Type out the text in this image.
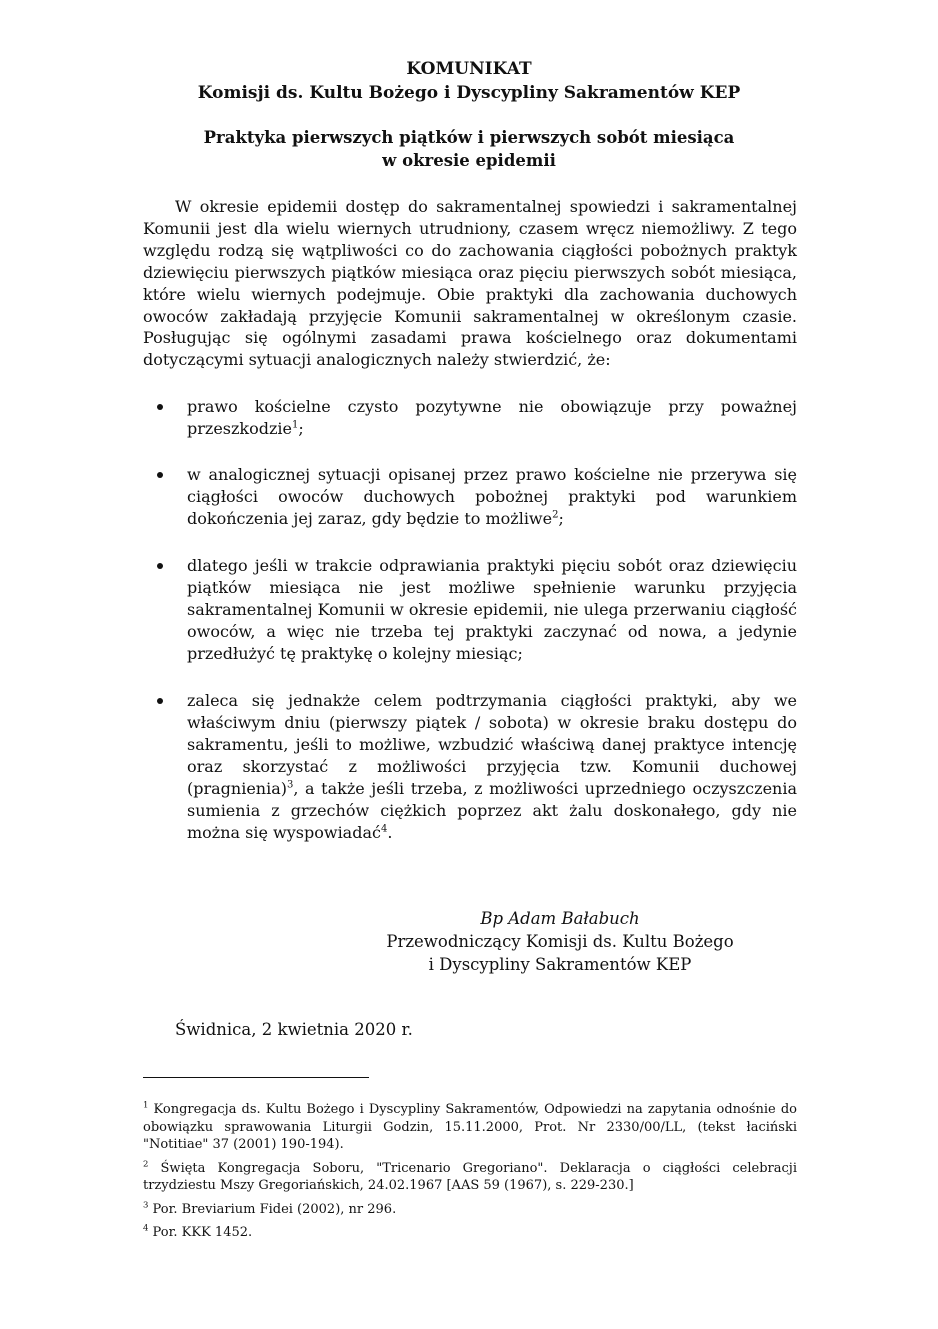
KOMUNIKAT
Komisji ds. Kultu Bożego i Dyscypliny Sakramentów KEP
Praktyka pierwszych piątków i pierwszych sobót miesiąca
w okresie epidemii
W okresie epidemii dostęp do sakramentalnej spowiedzi i sakramentalnej Komunii jest dla wielu wiernych utrudniony, czasem wręcz niemożliwy. Z tego względu rodzą się wątpliwości co do zachowania ciągłości pobożnych praktyk dziewięciu pierwszych piątków miesiąca oraz pięciu pierwszych sobót miesiąca, które wielu wiernych podejmuje. Obie praktyki dla zachowania duchowych owoców zakładają przyjęcie Komunii sakramentalnej w określonym czasie. Posługując się ogólnymi zasadami prawa kościelnego oraz dokumentami dotyczącymi sytuacji analogicznych należy stwierdzić, że:
prawo kościelne czysto pozytywne nie obowiązuje przy poważnej przeszkodzie$^1$;
w analogicznej sytuacji opisanej przez prawo kościelne nie przerywa się ciągłości owoców duchowych pobożnej praktyki pod warunkiem dokończenia jej zaraz, gdy będzie to możliwe$^2$;
dlatego jeśli w trakcie odprawiania praktyki pięciu sobót oraz dziewięciu piątków miesiąca nie jest możliwe spełnienie warunku przyjęcia sakramentalnej Komunii w okresie epidemii, nie ulega przerwaniu ciągłość owoców, a więc nie trzeba tej praktyki zaczynać od nowa, a jedynie przedłużyć tę praktykę o kolejny miesiąc;
zaleca się jednakże celem podtrzymania ciągłości praktyki, aby we właściwym dniu (pierwszy piątek / sobota) w okresie braku dostępu do sakramentu, jeśli to możliwe, wzbudzić właściwą danej praktyce intencję oraz skorzystać z możliwości przyjęcia tzw. Komunii duchowej (pragnienia)$^3$, a także jeśli trzeba, z możliwości uprzedniego oczyszczenia sumienia z grzechów ciężkich poprzez akt żalu doskonałego, gdy nie można się wyspowiadać$^4$.
Bp Adam Bałabuch
Przewodniczący Komisji ds. Kultu Bożego
i Dyscypliny Sakramentów KEP
Świdnica, 2 kwietnia 2020 r.

$^1$ Kongregacja ds. Kultu Bożego i Dyscypliny Sakramentów, Odpowiedzi na zapytania odnośnie do obowiązku sprawowania Liturgii Godzin, 15.11.2000, Prot. Nr 2330/00/LL, (tekst łaciński "Notitiae" 37 (2001) 190-194).

$^2$ Święta Kongregacja Soboru, "Tricenario Gregoriano". Deklaracja o ciągłości celebracji trzydziestu Mszy Gregoriańskich, 24.02.1967 [AAS 59 (1967), s. 229-230.]

$^3$ Por. Breviarium Fidei (2002), nr 296.

$^4$ Por. KKK 1452.
